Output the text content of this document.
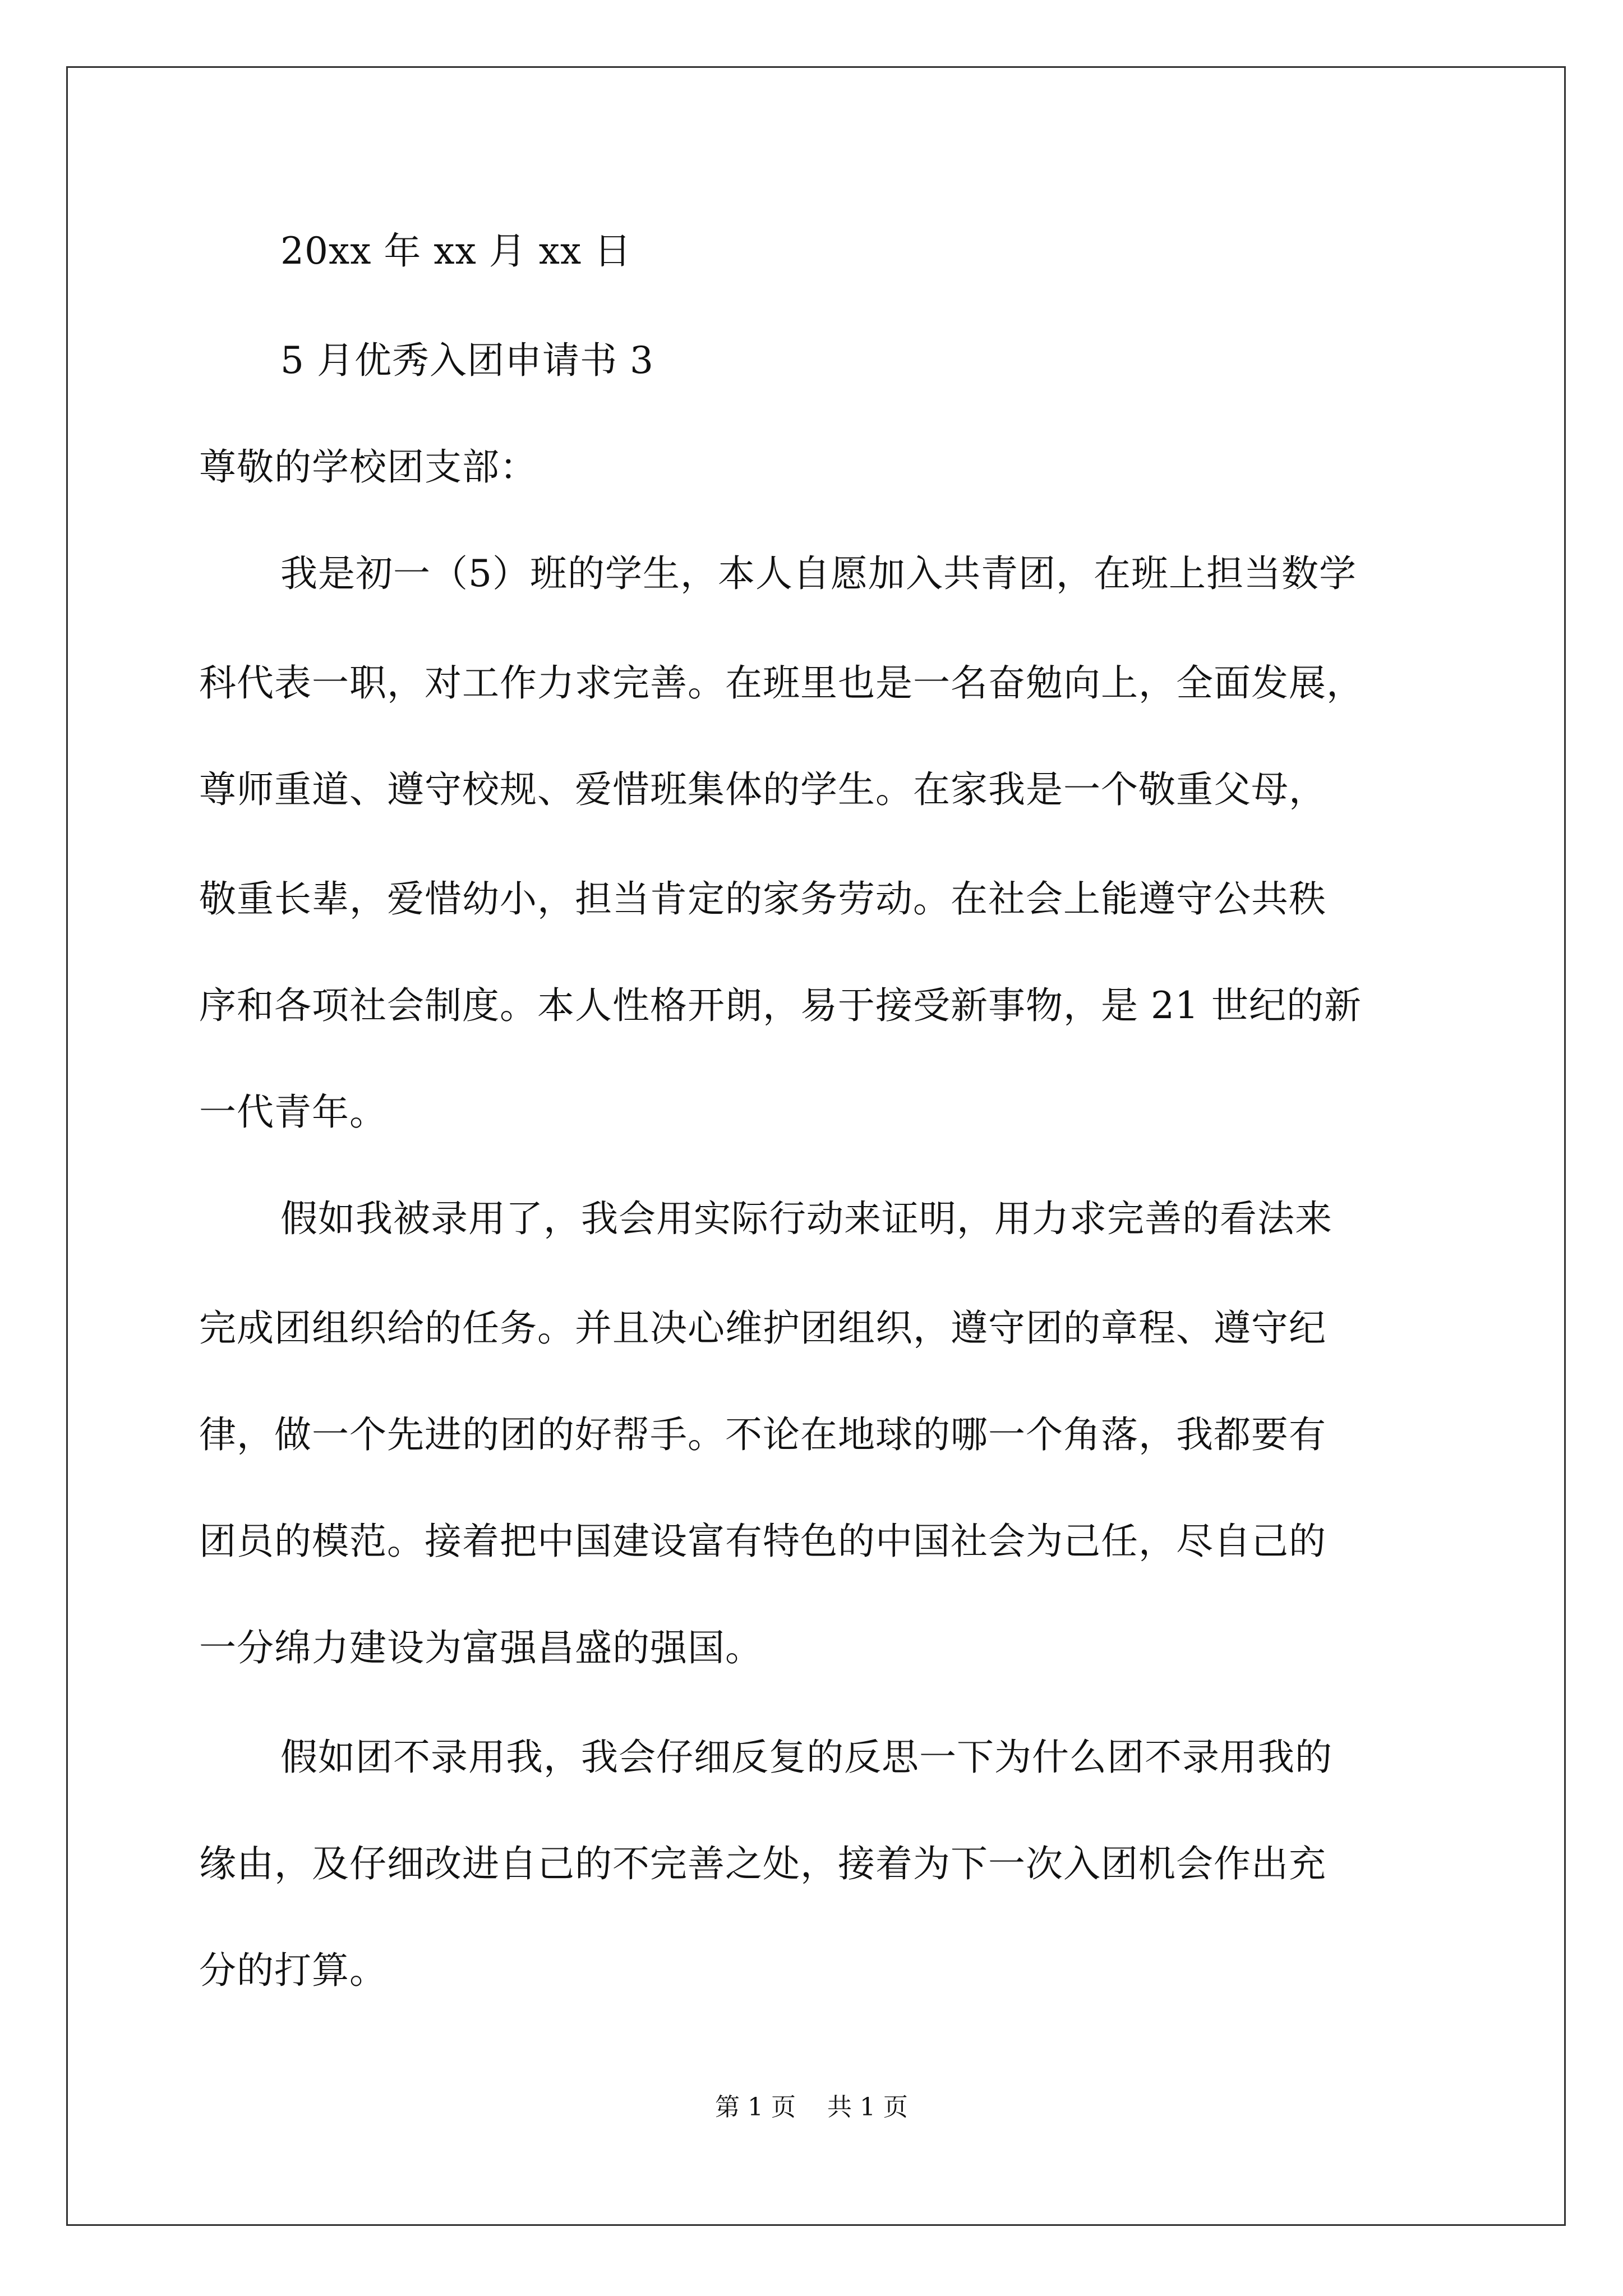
20xx 年 xx 月 xx 日
5 月优秀入团申请书 3
尊敬的学校团支部：
我是初一（5）班的学生，本人自愿加入共青团，在班上担当数学
科代表一职，对工作力求完善。在班里也是一名奋勉向上，全面发展，
尊师重道、遵守校规、爱惜班集体的学生。在家我是一个敬重父母，
敬重长辈，爱惜幼小，担当肯定的家务劳动。在社会上能遵守公共秩
序和各项社会制度。本人性格开朗，易于接受新事物，是 21 世纪的新
一代青年。
假如我被录用了，我会用实际行动来证明，用力求完善的看法来
完成团组织给的任务。并且决心维护团组织，遵守团的章程、遵守纪
律，做一个先进的团的好帮手。不论在地球的哪一个角落，我都要有
团员的模范。接着把中国建设富有特色的中国社会为己任，尽自己的
一分绵力建设为富强昌盛的强国。
假如团不录用我，我会仔细反复的反思一下为什么团不录用我的
缘由，及仔细改进自己的不完善之处，接着为下一次入团机会作出充
分的打算。
第 1 页    共 1 页
